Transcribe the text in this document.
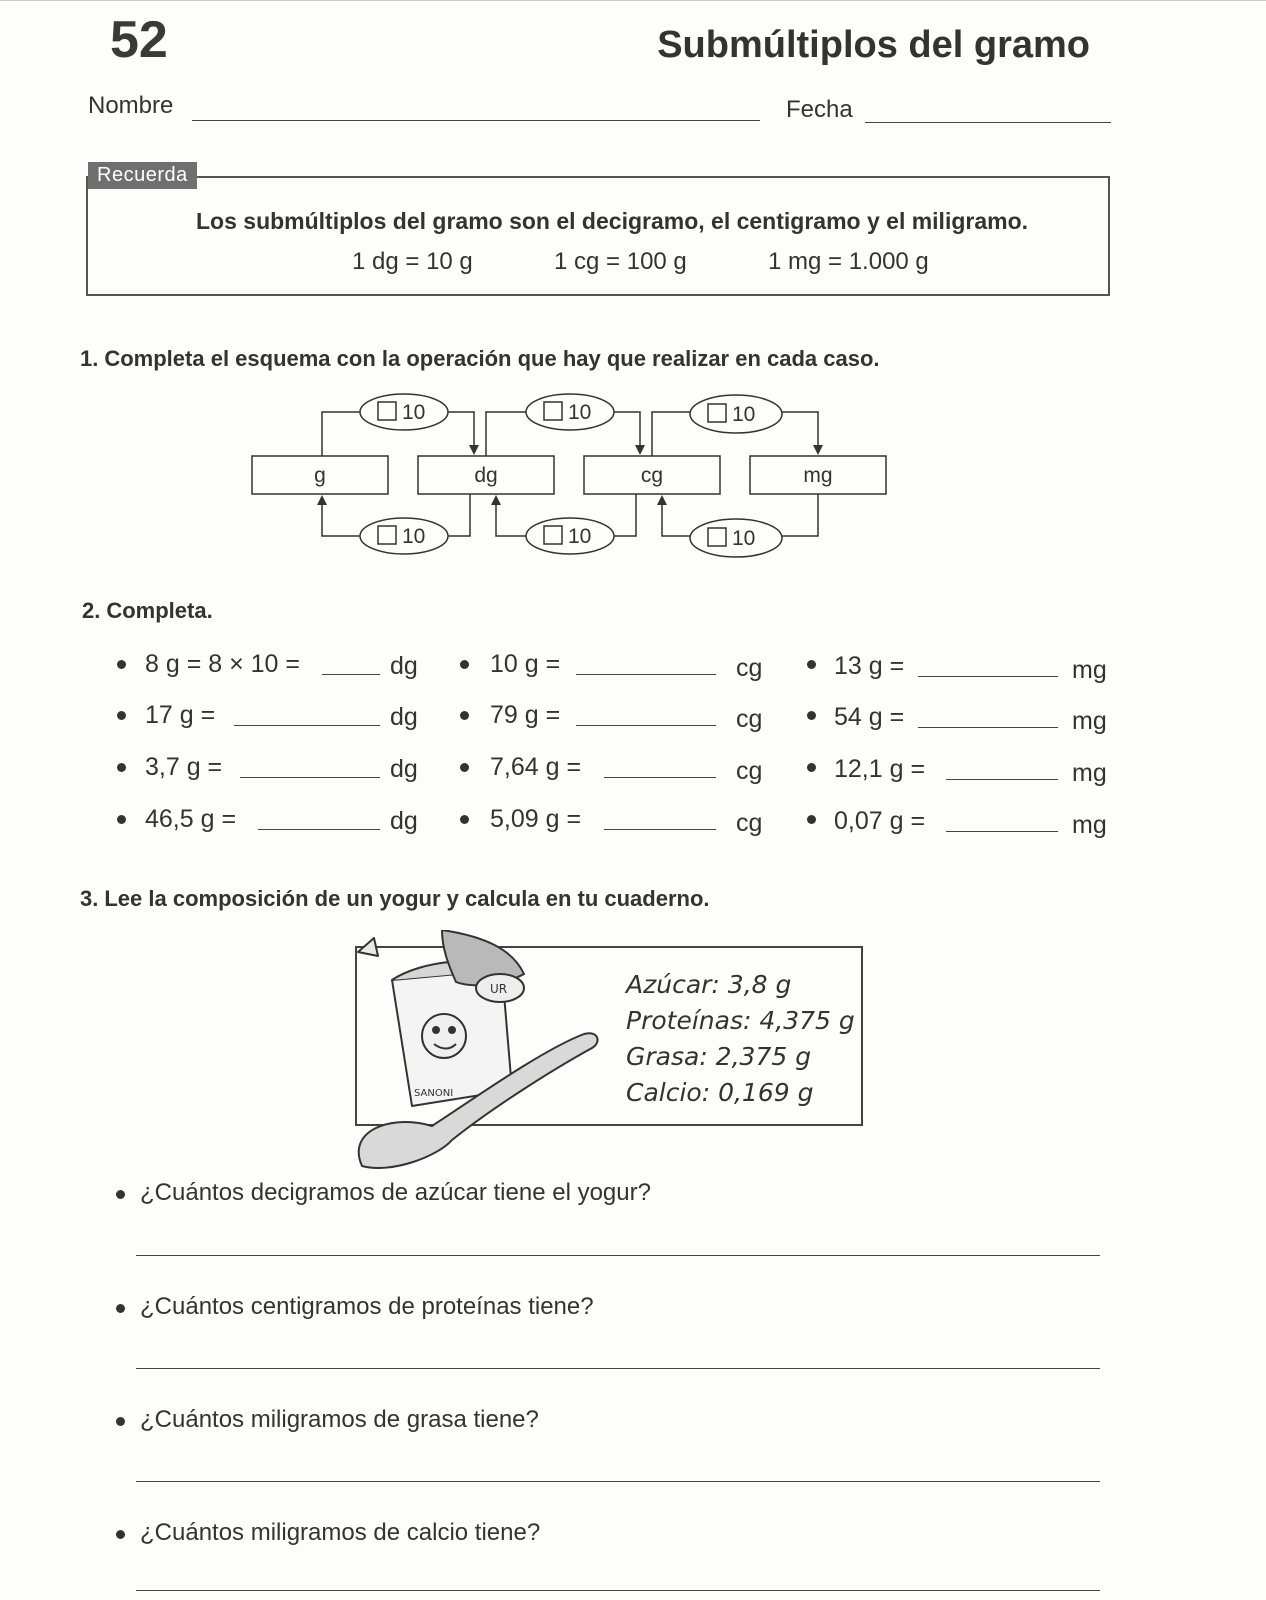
52	Submúltiplos del gramo
Nombre	Fecha
Recuerda
Los submúltiplos del gramo son el decigramo, el centigramo y el miligramo.
1 dg = 10 g	1 cg = 100 g	1 mg = 1.000 g
1. Completa el esquema con la operación que hay que realizar en cada caso.
g	dg	cg	mg
10	10	10
10	10	10
2. Completa.
8 g = 8 × 10 =	dg	10 g =	cg	13 g =	mg
17 g =	dg	79 g =	cg	54 g =	mg
3,7 g =	dg	7,64 g =	cg	12,1 g =	mg
46,5 g =	dg	5,09 g =	cg	0,07 g =	mg
3. Lee la composición de un yogur y calcula en tu cuaderno.
UR
SANONI
Azúcar: 3,8 g
Proteínas: 4,375 g
Grasa: 2,375 g
Calcio: 0,169 g
¿Cuántos decigramos de azúcar tiene el yogur?
¿Cuántos centigramos de proteínas tiene?
¿Cuántos miligramos de grasa tiene?
¿Cuántos miligramos de calcio tiene?
